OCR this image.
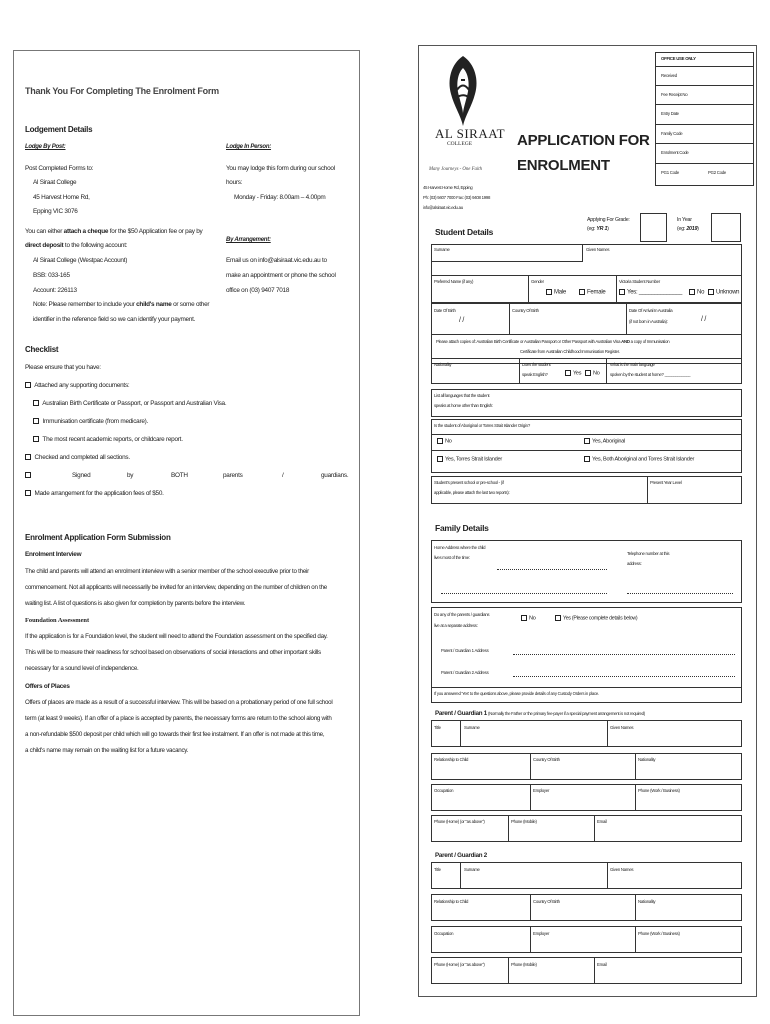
Thank You For Completing The Enrolment Form
Lodgement Details
Lodge By Post:
Post Completed Forms to:
Al Siraat College
45 Harvest Home Rd,
Epping VIC 3076
Lodge In Person:
You may lodge this form during our school
hours:
Monday - Friday: 8.00am – 4.00pm
You can either attach a cheque for the $50 Application fee or pay by
direct deposit to the following account:
Al Siraat College (Westpac Account)
BSB: 033-165
Account: 226113
Note: Please remember to include your child's name or some other
identifier in the reference field so we can identify your payment.
By Arrangement:
Email us on info@alsiraat.vic.edu.au to
make an appointment or phone the school
office on (03) 9407 7018
Checklist
Please ensure that you have:
Attached any supporting documents:
Australian Birth Certificate or Passport, or Passport and Australian Visa.
Immunisation certificate (from medicare).
The most recent academic reports, or childcare report.
Checked and completed all sections.
Signed	by	BOTH	parents	/	guardians.
Made arrangement for the application fees of $50.
Enrolment Application Form Submission
Enrolment Interview
The child and parents will attend an enrolment interview with a senior member of the school executive prior to their
commencement. Not all applicants will necessarily be invited for an interview, depending on the number of children on the
waiting list. A list of questions is also given for completion by parents before the interview.
Foundation Assessment
If the application is for a Foundation level, the student will need to attend the Foundation assessment on the specified day.
This will be to measure their readiness for school based on observations of social interactions and other important skills
necessary for a sound level of independence.
Offers of Places
Offers of places are made as a result of a successful interview. This will be based on a probationary period of one full school
term (at least 9 weeks). If an offer of a place is accepted by parents, the necessary forms are return to the school along with
a non-refundable $500 deposit per child which will go towards their first fee instalment. If an offer is not made at this time,
a child's name may remain on the waiting list for a future vacancy.
AL SIRAAT
COLLEGE
Many Journeys - One Faith
45 Harvest Home Rd, Epping
Ph: (03) 9407 7000 Fax: (03) 9408 1998
info@alsiraat.vic.edu.au
APPLICATION FOR
ENROLMENT
OFFICE USE ONLY
Received
Fee Receipt No
Entry Date
Family Code
Enrolment Code
PG1 Code	PG2 Code
Applying For Grade:
(eg: YR 1)
In Year
(eg: 2019)
Student Details
Surname	Given Names
Preferred Name (if any)	Gender
Male	Female
Victoria Student Number
Yes: ______________	No	Unknown
Date Of Birth
/ /
Country Of Birth	Date Of Arrival In Australia
(if not born in Australia):	/ /
Please attach copies of: Australian Birth Certificate or Australian Passport or Other Passport with Australian Visa AND a copy of Immunisation
Certificate from Australian Childhood Immunisation Register.
Nationality	Does the student
speak English?	Yes	No
What is the main language
spoken by the student at home? ____________
List all languages that the student
speaks at home other than English:
Is the student of Aboriginal or Torres Strait Islander Origin?
No	Yes, Aboriginal
Yes, Torres Strait Islander	Yes, Both Aboriginal and Torres Strait Islander
Student's present school or pre-school - (if
applicable, please attach the last two reports):
Present Year Level
Family Details
Home Address where the child
lives most of the time:
Telephone number at this
address:
Do any of the parents / guardians
live at a separate address:
No	Yes (Please complete details below)
Parent / Guardian 1 Address
Parent / Guardian 2 Address
If you answered 'Yes' to the questions above, please provide details of any Custody Orders in place.
Parent / Guardian 1 (Normally the Father or the primary fee-payer if a special payment arrangement is not required)
Title	Surname	Given Names
Relationship to Child	Country Of Birth	Nationality
Occupation	Employer	Phone (Work / Business)
Phone (Home) (or "as above")	Phone (Mobile)	Email
Parent / Guardian 2
Title	Surname	Given Names
Relationship to Child	Country Of Birth	Nationality
Occupation	Employer	Phone (Work / Business)
Phone (Home) (or "as above")	Phone (Mobile)	Email
